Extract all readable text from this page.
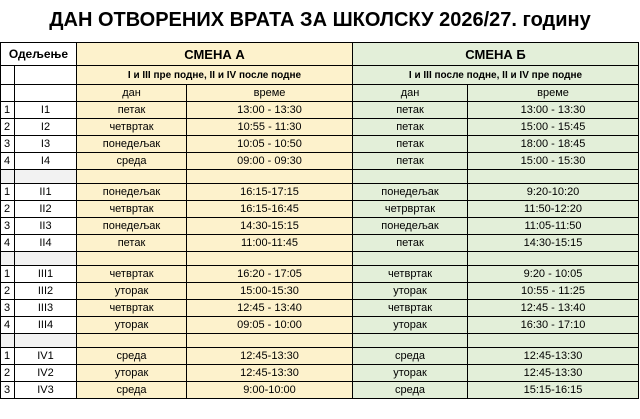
ДАН ОТВОРЕНИХ ВРАТА ЗА ШКОЛСКУ 2026/27. годину
Одељење		СМЕНА А		СМЕНА Б	
		I и III пре подне, II и IV после подне		I и III после подне, II и IV пре подне	
		дан	време	дан	време
1	I1	петак	13:00 - 13:30	петак	13:00 - 13:30
2	I2	четвртак	10:55 - 11:30	петак	15:00 - 15:45
3	I3	понедељак	10:05 - 10:50	петак	18:00 - 18:45
4	I4	среда	09:00 - 09:30	петак	15:00 - 15:30

1	II1	понедељак	16:15-17:15	понедељак	9:20-10:20
2	II2	четвртак	16:15-16:45	четрвртак	11:50-12:20
3	II3	понедељак	14:30-15:15	понедељак	11:05-11:50
4	II4	петак	11:00-11:45	петак	14:30-15:15

1	III1	четвртак	16:20 - 17:05	четвртак	9:20 - 10:05
2	III2	уторак	15:00-15:30	уторак	10:55 - 11:25
3	III3	четвртак	12:45 - 13:40	четвртак	12:45 - 13:40
4	III4	уторак	09:05 - 10:00	уторак	16:30 - 17:10

1	IV1	среда	12:45-13:30	среда	12:45-13:30
2	IV2	уторак	12:45-13:30	уторак	12:45-13:30
3	IV3	среда	9:00-10:00	среда	15:15-16:15
